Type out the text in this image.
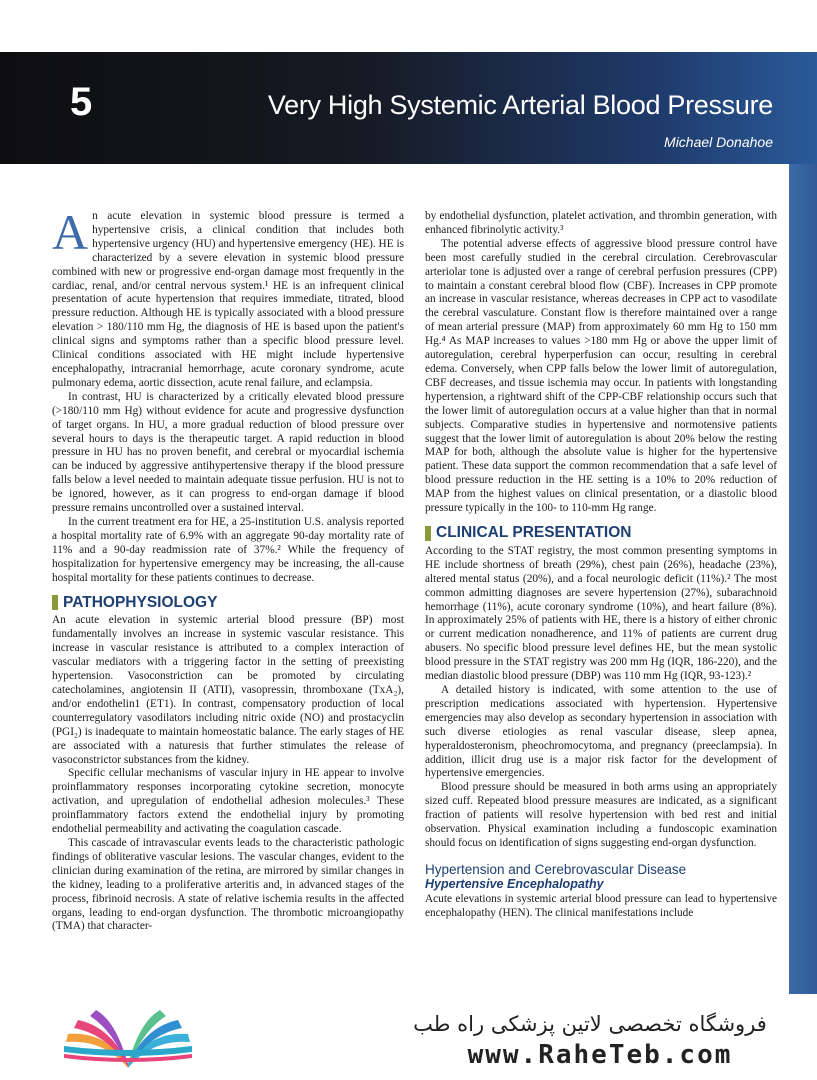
5	Very High Systemic Arterial Blood Pressure
Michael Donahoe

An acute elevation in systemic blood pressure is termed a hypertensive crisis, a clinical condition that includes both hypertensive urgency (HU) and hypertensive emergency (HE). HE is characterized by a severe elevation in systemic blood pressure combined with new or progressive end-organ damage most frequently in the cardiac, renal, and/or central nervous system.¹ HE is an infrequent clinical presentation of acute hypertension that requires immediate, titrated, blood pressure reduction. Although HE is typically associated with a blood pressure elevation > 180/110 mm Hg, the diagnosis of HE is based upon the patient's clinical signs and symptoms rather than a specific blood pressure level. Clinical conditions associated with HE might include hypertensive encephalopathy, intracranial hemorrhage, acute coronary syndrome, acute pulmonary edema, aortic dissection, acute renal failure, and eclampsia.

In contrast, HU is characterized by a critically elevated blood pressure (>180/110 mm Hg) without evidence for acute and progressive dysfunction of target organs. In HU, a more gradual reduction of blood pressure over several hours to days is the therapeutic target. A rapid reduction in blood pressure in HU has no proven benefit, and cerebral or myocardial ischemia can be induced by aggressive antihypertensive therapy if the blood pressure falls below a level needed to maintain adequate tissue perfusion. HU is not to be ignored, however, as it can progress to end-organ damage if blood pressure remains uncontrolled over a sustained interval.

In the current treatment era for HE, a 25-institution U.S. analysis reported a hospital mortality rate of 6.9% with an aggregate 90-day mortality rate of 11% and a 90-day readmission rate of 37%.² While the frequency of hospitalization for hypertensive emergency may be increasing, the all-cause hospital mortality for these patients continues to decrease.

PATHOPHYSIOLOGY

An acute elevation in systemic arterial blood pressure (BP) most fundamentally involves an increase in systemic vascular resistance. This increase in vascular resistance is attributed to a complex interaction of vascular mediators with a triggering factor in the setting of preexisting hypertension. Vasoconstriction can be promoted by circulating catecholamines, angiotensin II (ATII), vasopressin, thromboxane (TxA₂), and/or endothelin1 (ET1). In contrast, compensatory production of local counterregulatory vasodilators including nitric oxide (NO) and prostacyclin (PGI₂) is inadequate to maintain homeostatic balance. The early stages of HE are associated with a naturesis that further stimulates the release of vasoconstrictor substances from the kidney.

Specific cellular mechanisms of vascular injury in HE appear to involve proinflammatory responses incorporating cytokine secretion, monocyte activation, and upregulation of endothelial adhesion molecules.³ These proinflammatory factors extend the endothelial injury by promoting endothelial permeability and activating the coagulation cascade.

This cascade of intravascular events leads to the characteristic pathologic findings of obliterative vascular lesions. The vascular changes, evident to the clinician during examination of the retina, are mirrored by similar changes in the kidney, leading to a proliferative arteritis and, in advanced stages of the process, fibrinoid necrosis. A state of relative ischemia results in the affected organs, leading to end-organ dysfunction. The thrombotic microangiopathy (TMA) that character-

by endothelial dysfunction, platelet activation, and thrombin generation, with enhanced fibrinolytic activity.³

The potential adverse effects of aggressive blood pressure control have been most carefully studied in the cerebral circulation. Cerebrovascular arteriolar tone is adjusted over a range of cerebral perfusion pressures (CPP) to maintain a constant cerebral blood flow (CBF). Increases in CPP promote an increase in vascular resistance, whereas decreases in CPP act to vasodilate the cerebral vasculature. Constant flow is therefore maintained over a range of mean arterial pressure (MAP) from approximately 60 mm Hg to 150 mm Hg.⁴ As MAP increases to values >180 mm Hg or above the upper limit of autoregulation, cerebral hyperperfusion can occur, resulting in cerebral edema. Conversely, when CPP falls below the lower limit of autoregulation, CBF decreases, and tissue ischemia may occur. In patients with longstanding hypertension, a rightward shift of the CPP-CBF relationship occurs such that the lower limit of autoregulation occurs at a value higher than that in normal subjects. Comparative studies in hypertensive and normotensive patients suggest that the lower limit of autoregulation is about 20% below the resting MAP for both, although the absolute value is higher for the hypertensive patient. These data support the common recommendation that a safe level of blood pressure reduction in the HE setting is a 10% to 20% reduction of MAP from the highest values on clinical presentation, or a diastolic blood pressure typically in the 100- to 110-mm Hg range.

CLINICAL PRESENTATION

According to the STAT registry, the most common presenting symptoms in HE include shortness of breath (29%), chest pain (26%), headache (23%), altered mental status (20%), and a focal neurologic deficit (11%).² The most common admitting diagnoses are severe hypertension (27%), subarachnoid hemorrhage (11%), acute coronary syndrome (10%), and heart failure (8%). In approximately 25% of patients with HE, there is a history of either chronic or current medication nonadherence, and 11% of patients are current drug abusers. No specific blood pressure level defines HE, but the mean systolic blood pressure in the STAT registry was 200 mm Hg (IQR, 186-220), and the median diastolic blood pressure (DBP) was 110 mm Hg (IQR, 93-123).²

A detailed history is indicated, with some attention to the use of prescription medications associated with hypertension. Hypertensive emergencies may also develop as secondary hypertension in association with such diverse etiologies as renal vascular disease, sleep apnea, hyperaldosteronism, pheochromocytoma, and pregnancy (preeclampsia). In addition, illicit drug use is a major risk factor for the development of hypertensive emergencies.

Blood pressure should be measured in both arms using an appropriately sized cuff. Repeated blood pressure measures are indicated, as a significant fraction of patients will resolve hypertension with bed rest and initial observation. Physical examination including a fundoscopic examination should focus on identification of signs suggesting end-organ dysfunction.

Hypertension and Cerebrovascular Disease
Hypertensive Encephalopathy

Acute elevations in systemic arterial blood pressure can lead to hypertensive encephalopathy (HEN). The clinical manifestations include

فروشگاه تخصصی لاتین پزشکی راه طب
www.RaheTeb.com
